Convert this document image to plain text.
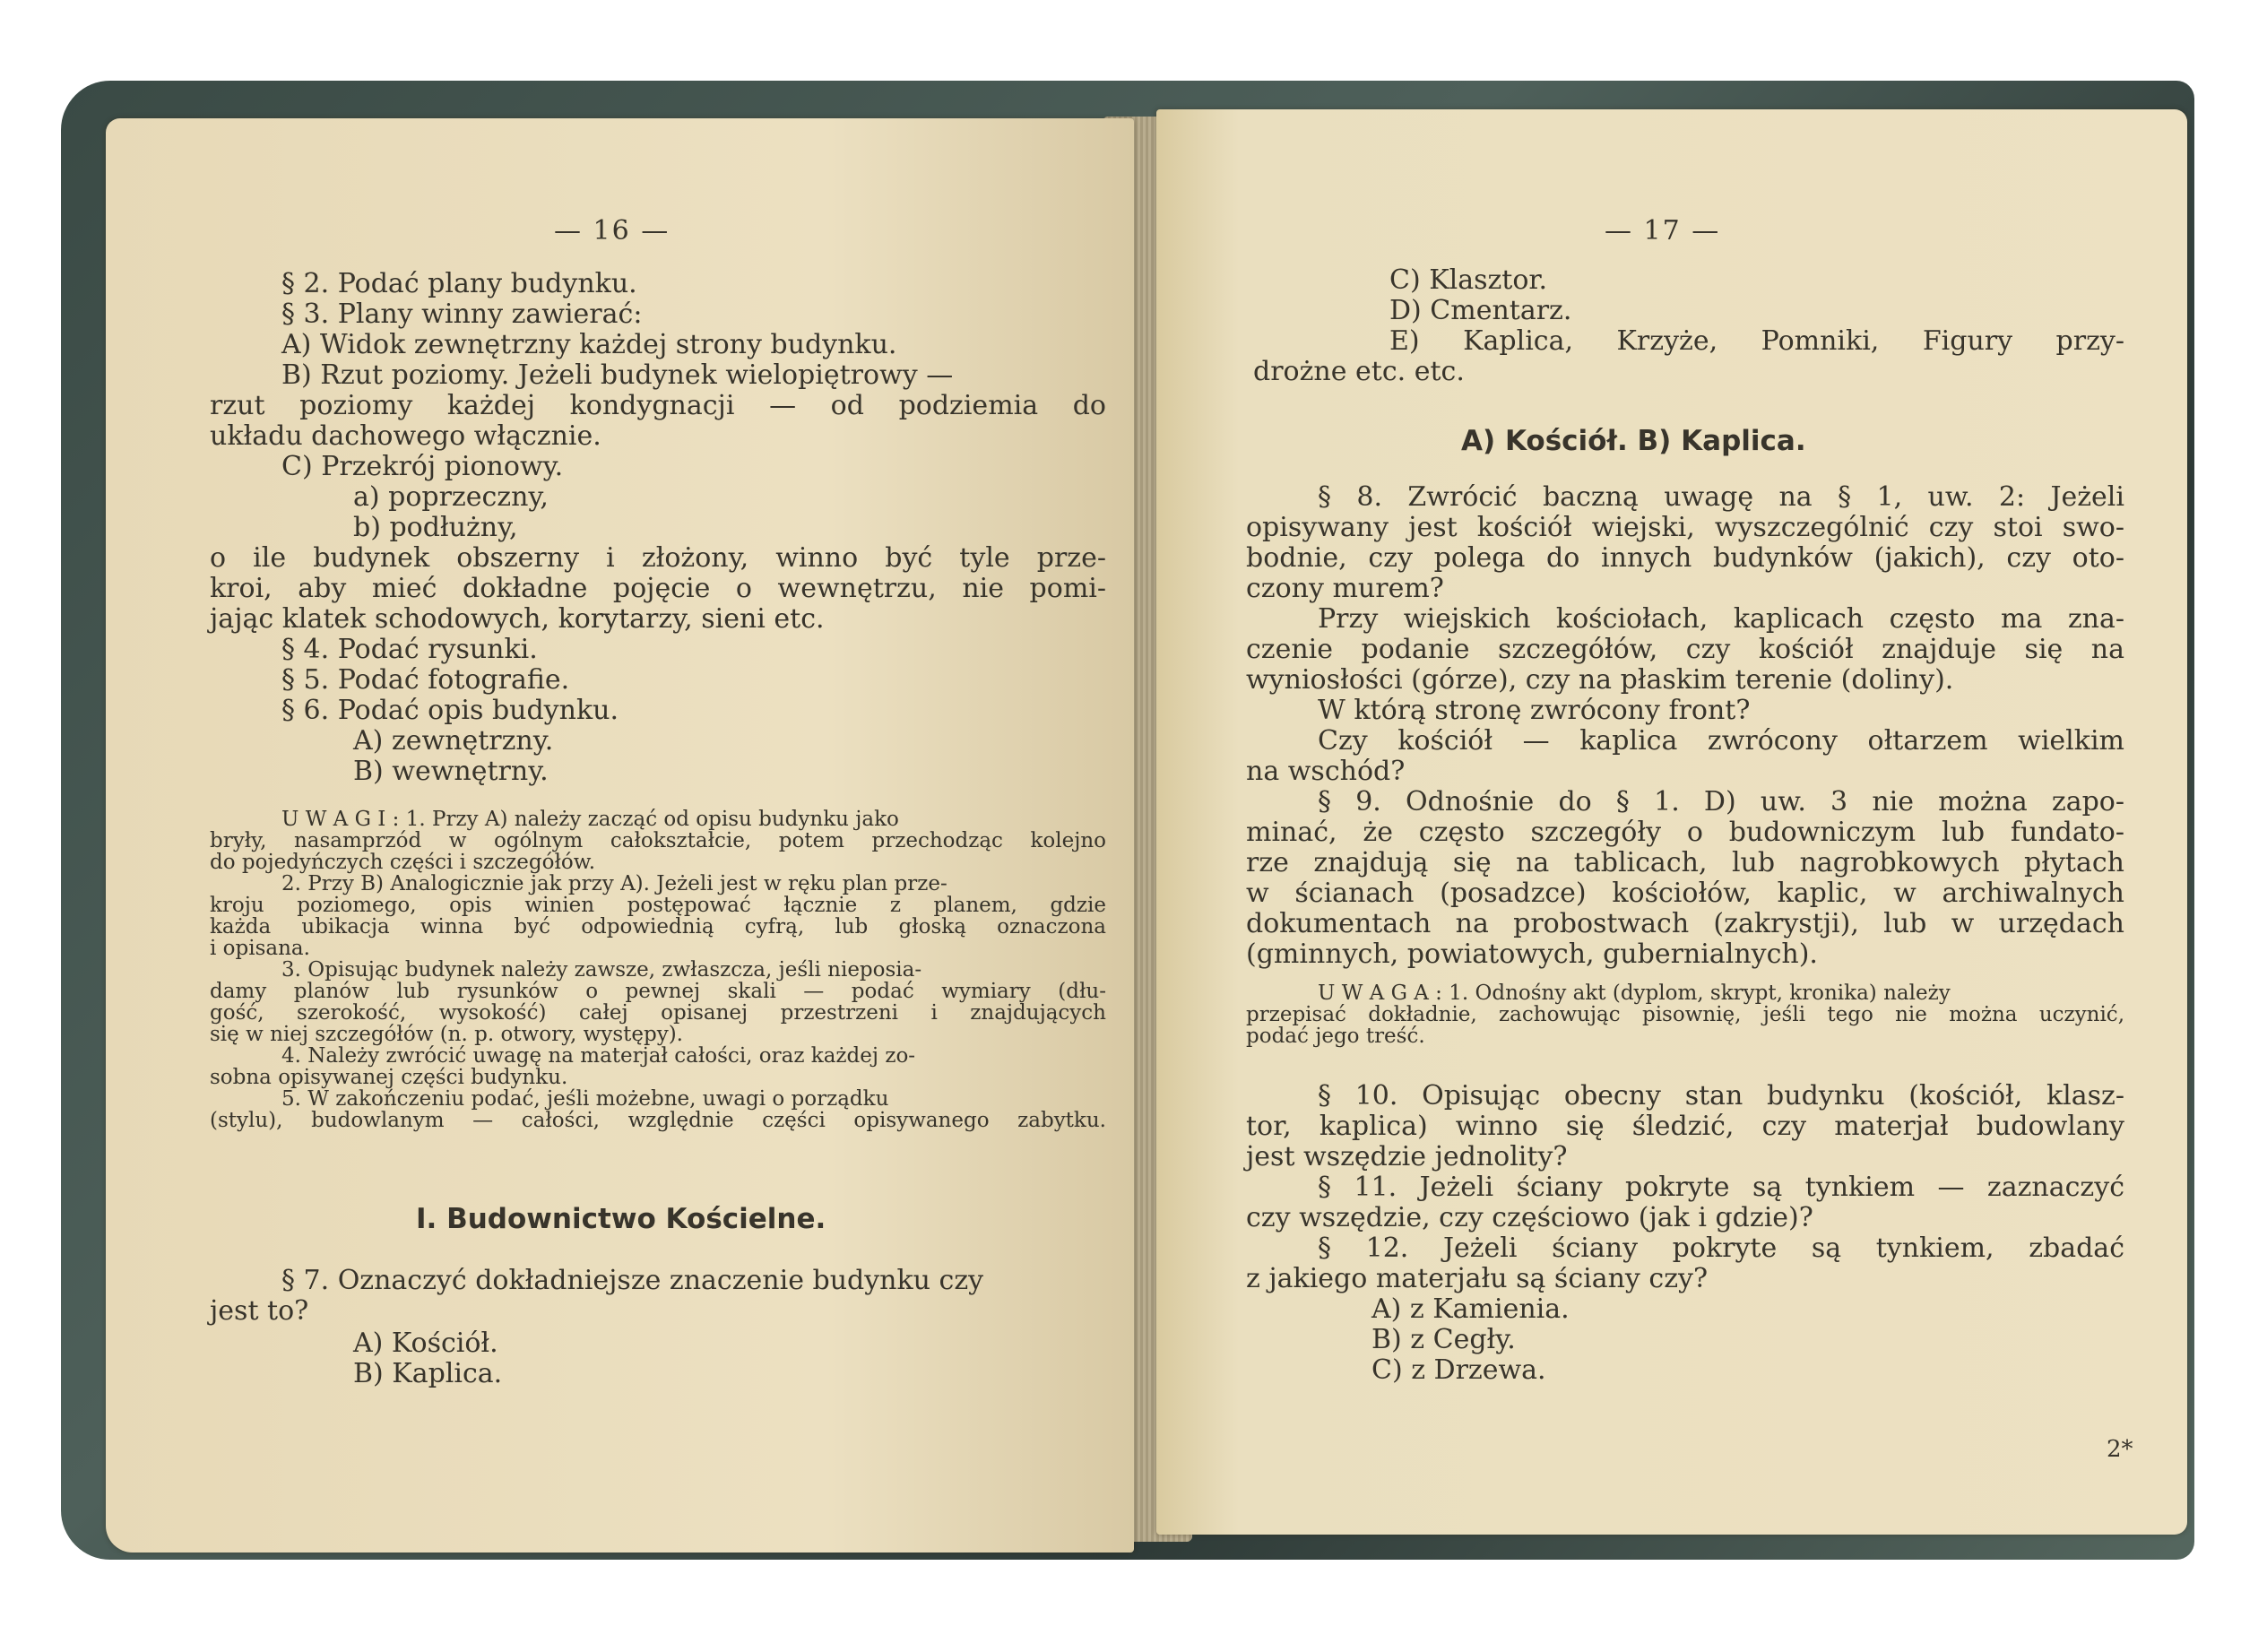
— 16 —
§ 2. Podać plany budynku.
§ 3. Plany winny zawierać:
A) Widok zewnętrzny każdej strony budynku.
B) Rzut poziomy. Jeżeli budynek wielopiętrowy —
rzut poziomy każdej kondygnacji — od podziemia do
układu dachowego włącznie.
C) Przekrój pionowy.
a) poprzeczny,
b) podłużny,
o ile budynek obszerny i złożony, winno być tyle prze-
kroi, aby mieć dokładne pojęcie o wewnętrzu, nie pomi-
jając klatek schodowych, korytarzy, sieni etc.
§ 4. Podać rysunki.
§ 5. Podać fotografie.
§ 6. Podać opis budynku.
A) zewnętrzny.
B) wewnętrny.
U W A G I : 1. Przy A) należy zacząć od opisu budynku jako
bryły, nasamprzód w ogólnym całokształcie, potem przechodząc kolejno
do pojedyńczych części i szczegółów.
2. Przy B) Analogicznie jak przy A). Jeżeli jest w ręku plan prze-
kroju poziomego, opis winien postępować łącznie z planem, gdzie
każda ubikacja winna być odpowiednią cyfrą, lub głoską oznaczona
i opisana.
3. Opisując budynek należy zawsze, zwłaszcza, jeśli nieposia-
damy planów lub rysunków o pewnej skali — podać wymiary (dłu-
gość, szerokość, wysokość) całej opisanej przestrzeni i znajdujących
się w niej szczegółów (n. p. otwory, występy).
4. Należy zwrócić uwagę na materjał całości, oraz każdej zo-
sobna opisywanej części budynku.
5. W zakończeniu podać, jeśli możebne, uwagi o porządku
(stylu), budowlanym — całości, względnie części opisywanego zabytku.
I. Budownictwo Kościelne.
§ 7. Oznaczyć dokładniejsze znaczenie budynku czy
jest to?
A) Kościół.
B) Kaplica.
— 17 —
C) Klasztor.
D) Cmentarz.
E) Kaplica, Krzyże, Pomniki, Figury przy-
drożne etc. etc.
A) Kościół. B) Kaplica.
§ 8. Zwrócić baczną uwagę na § 1, uw. 2: Jeżeli
opisywany jest kościół wiejski, wyszczególnić czy stoi swo-
bodnie, czy polega do innych budynków (jakich), czy oto-
czony murem?
Przy wiejskich kościołach, kaplicach często ma zna-
czenie podanie szczegółów, czy kościół znajduje się na
wyniosłości (górze), czy na płaskim terenie (doliny).
W którą stronę zwrócony front?
Czy kościół — kaplica zwrócony ołtarzem wielkim
na wschód?
§ 9. Odnośnie do § 1. D) uw. 3 nie można zapo-
minać, że często szczegóły o budowniczym lub fundato-
rze znajdują się na tablicach, lub nagrobkowych płytach
w ścianach (posadzce) kościołów, kaplic, w archiwalnych
dokumentach na probostwach (zakrystji), lub w urzędach
(gminnych, powiatowych, gubernialnych).
U W A G A : 1. Odnośny akt (dyplom, skrypt, kronika) należy
przepisać dokładnie, zachowując pisownię, jeśli tego nie można uczynić,
podać jego treść.
§ 10. Opisując obecny stan budynku (kościół, klasz-
tor, kaplica) winno się śledzić, czy materjał budowlany
jest wszędzie jednolity?
§ 11. Jeżeli ściany pokryte są tynkiem — zaznaczyć
czy wszędzie, czy częściowo (jak i gdzie)?
§ 12. Jeżeli ściany pokryte są tynkiem, zbadać
z jakiego materjału są ściany czy?
A) z Kamienia.
B) z Cegły.
C) z Drzewa.
2*
